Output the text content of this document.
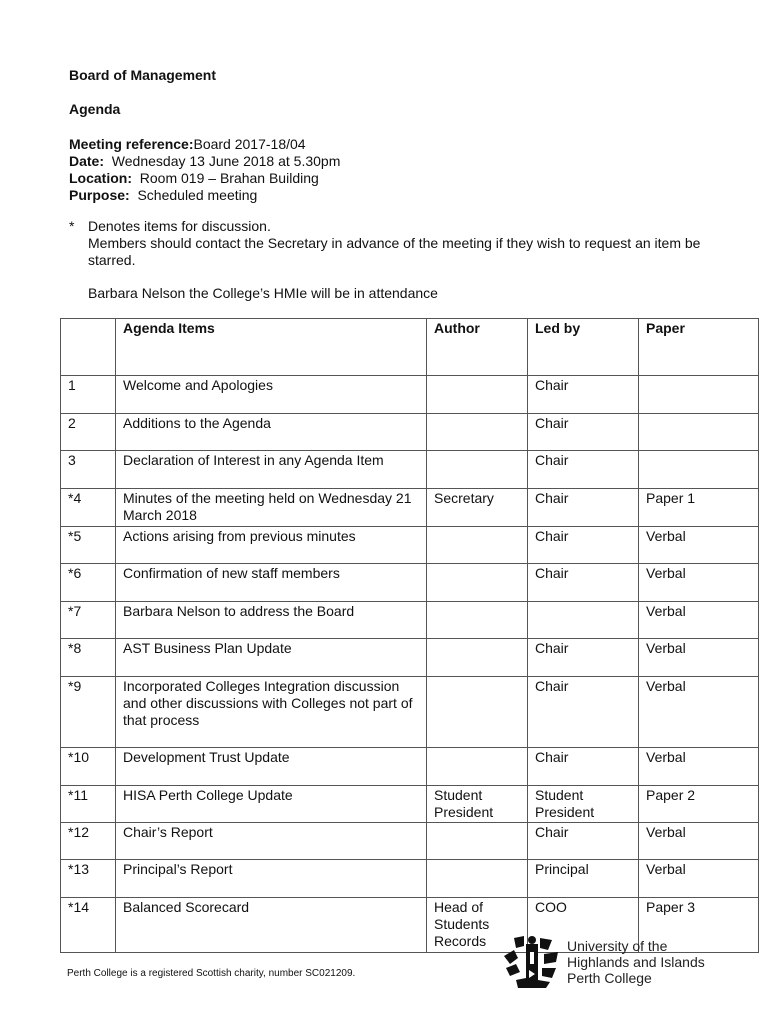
Board of Management
Agenda
Meeting reference:Board 2017-18/04
Date: Wednesday 13 June 2018 at 5.30pm
Location: Room 019 – Brahan Building
Purpose: Scheduled meeting
* Denotes items for discussion.
Members should contact the Secretary in advance of the meeting if they wish to request an item be starred.
Barbara Nelson the College’s HMIe will be in attendance
	Agenda Items	Author	Led by	Paper
1	Welcome and Apologies		Chair	
2	Additions to the Agenda		Chair	
3	Declaration of Interest in any Agenda Item		Chair	
*4	Minutes of the meeting held on Wednesday 21 March 2018	Secretary	Chair	Paper 1
*5	Actions arising from previous minutes		Chair	Verbal
*6	Confirmation of new staff members		Chair	Verbal
*7	Barbara Nelson to address the Board			Verbal
*8	AST Business Plan Update		Chair	Verbal
*9	Incorporated Colleges Integration discussion and other discussions with Colleges not part of that process		Chair	Verbal
*10	Development Trust Update		Chair	Verbal
*11	HISA Perth College Update	Student President	Student President	Paper 2
*12	Chair’s Report		Chair	Verbal
*13	Principal’s Report		Principal	Verbal
*14	Balanced Scorecard	Head of Students Records	COO	Paper 3
Perth College is a registered Scottish charity, number SC021209.
University of the
Highlands and Islands
Perth College
